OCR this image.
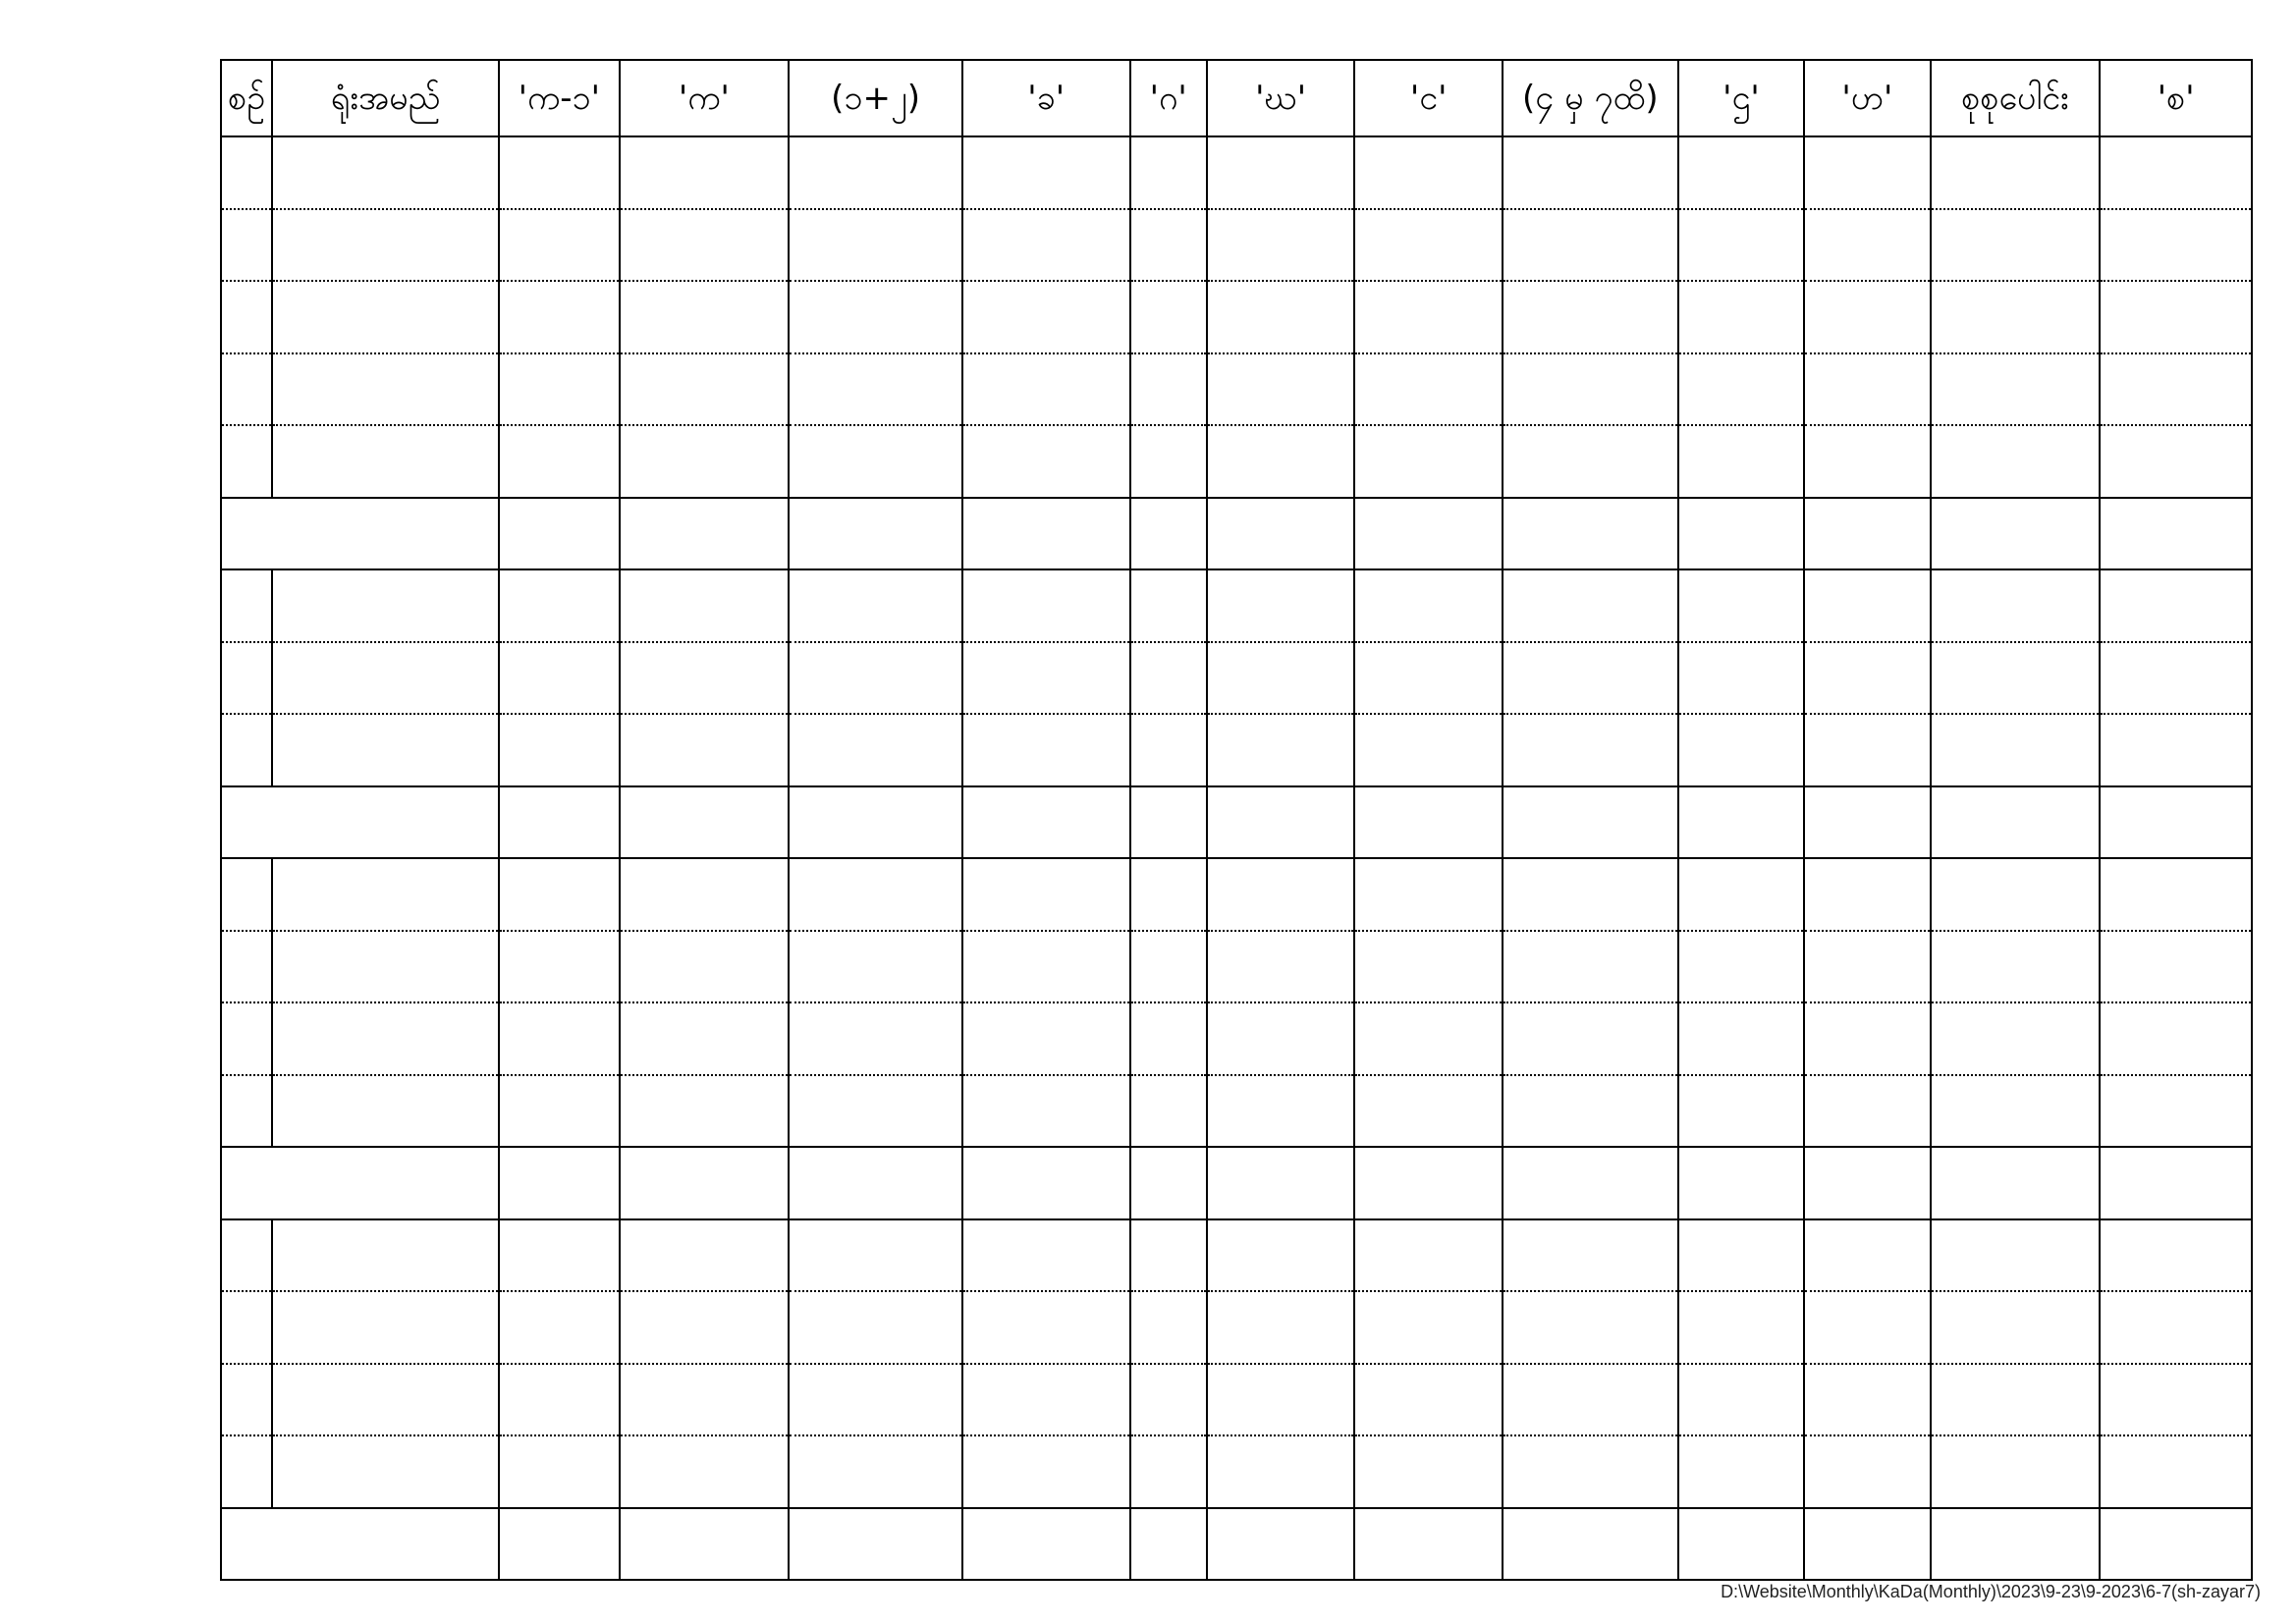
စဉ်	ရုံးအမည်	'က-၁'	'က'	(၁+၂)	'ခ'	'ဂ'	'ဃ'	'င'	(၄ မှ ၇ထိ)	'ဌ'	'ဟ'	စုစုပေါင်း	'စ'

D:\Website\Monthly\KaDa(Monthly)\2023\9-23\9-2023\6-7(sh-zayar7)
